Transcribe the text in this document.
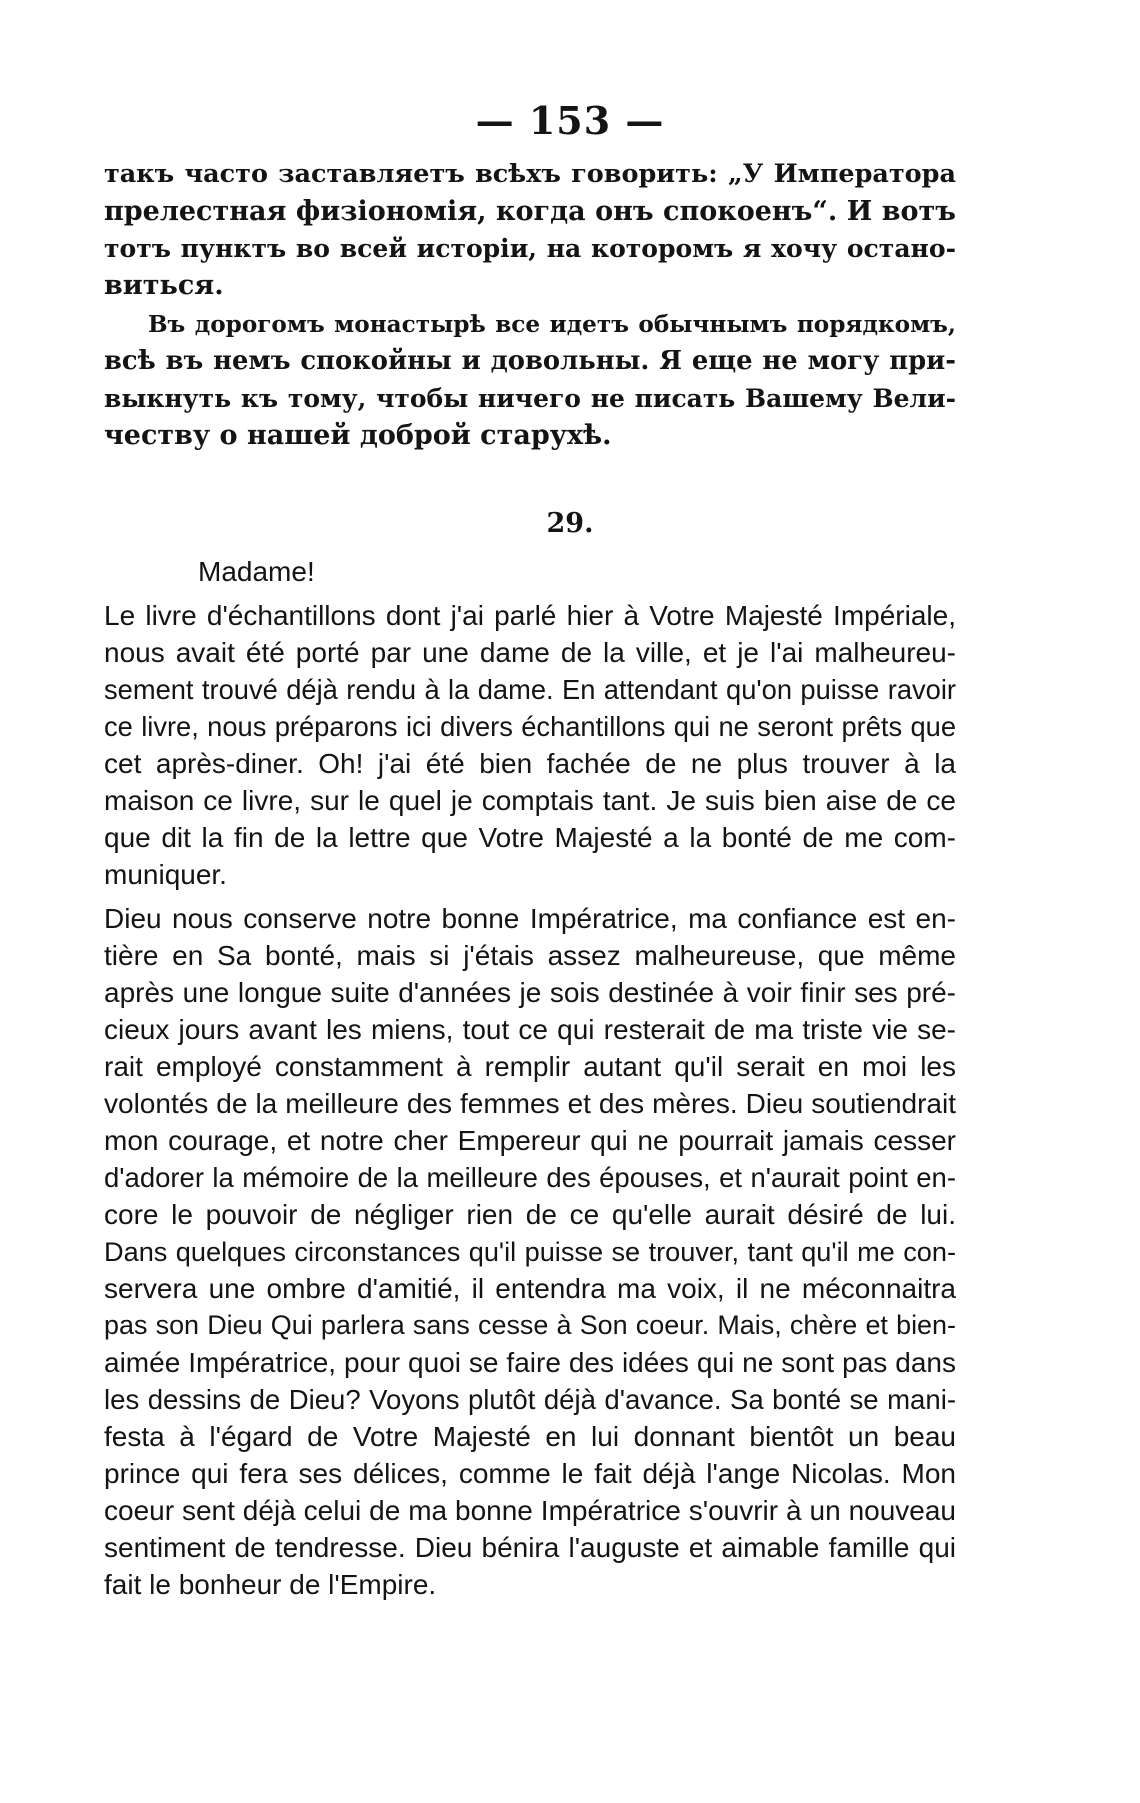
— 153 —

такъ часто заставляетъ всѣхъ говорить: „У Императора
прелестная физіономія, когда онъ спокоенъ“. И вотъ
тотъ пунктъ во всей исторіи, на которомъ я хочу остано-
виться.
Въ дорогомъ монастырѣ все идетъ обычнымъ порядкомъ,
всѣ въ немъ спокойны и довольны. Я еще не могу при-
выкнуть къ тому, чтобы ничего не писать Вашему Вели-
честву о нашей доброй старухѣ.

29.

Madame!

Le livre d'échantillons dont j'ai parlé hier à Votre Majesté Impériale,
nous avait été porté par une dame de la ville, et je l'ai malheureu-
sement trouvé déjà rendu à la dame. En attendant qu'on puisse ravoir
ce livre, nous préparons ici divers échantillons qui ne seront prêts que
cet après-diner. Oh! j'ai été bien fachée de ne plus trouver à la
maison ce livre, sur le quel je comptais tant. Je suis bien aise de ce
que dit la fin de la lettre que Votre Majesté a la bonté de me com-
muniquer.
Dieu nous conserve notre bonne Impératrice, ma confiance est en-
tière en Sa bonté, mais si j'étais assez malheureuse, que même
après une longue suite d'années je sois destinée à voir finir ses pré-
cieux jours avant les miens, tout ce qui resterait de ma triste vie se-
rait employé constamment à remplir autant qu'il serait en moi les
volontés de la meilleure des femmes et des mères. Dieu soutiendrait
mon courage, et notre cher Empereur qui ne pourrait jamais cesser
d'adorer la mémoire de la meilleure des épouses, et n'aurait point en-
core le pouvoir de négliger rien de ce qu'elle aurait désiré de lui.
Dans quelques circonstances qu'il puisse se trouver, tant qu'il me con-
servera une ombre d'amitié, il entendra ma voix, il ne méconnaitra
pas son Dieu Qui parlera sans cesse à Son coeur. Mais, chère et bien-
aimée Impératrice, pour quoi se faire des idées qui ne sont pas dans
les dessins de Dieu? Voyons plutôt déjà d'avance. Sa bonté se mani-
festa à l'égard de Votre Majesté en lui donnant bientôt un beau
prince qui fera ses délices, comme le fait déjà l'ange Nicolas. Mon
coeur sent déjà celui de ma bonne Impératrice s'ouvrir à un nouveau
sentiment de tendresse. Dieu bénira l'auguste et aimable famille qui
fait le bonheur de l'Empire.
